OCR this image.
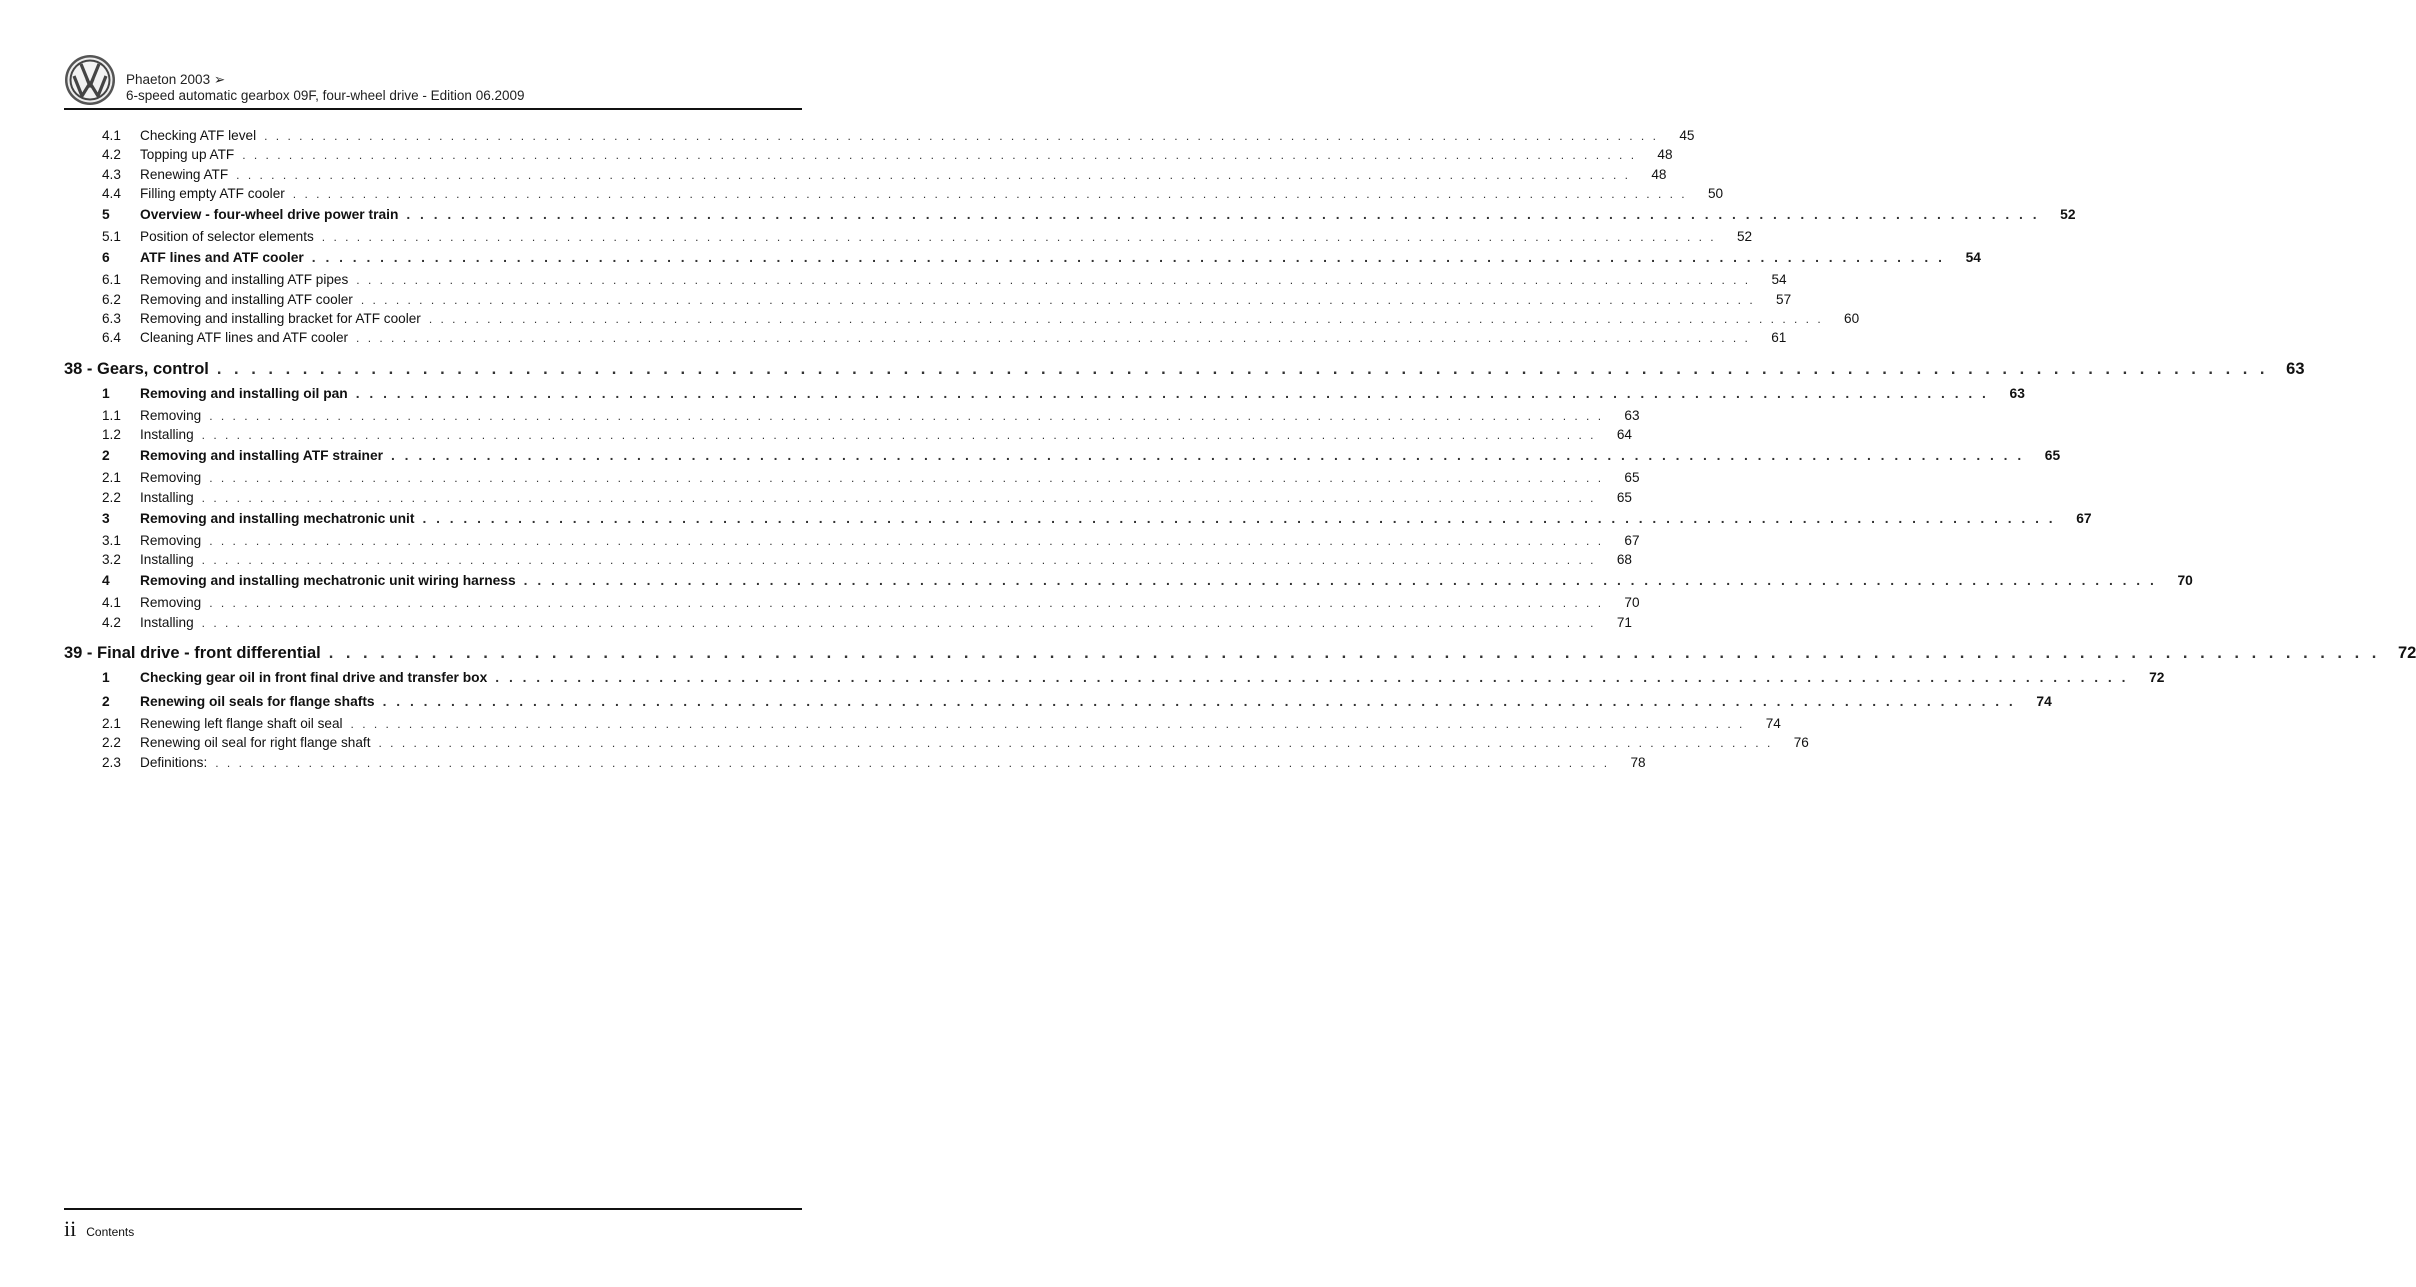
Phaeton 2003 ➢
6-speed automatic gearbox 09F, four-wheel drive - Edition 06.2009
4.1	Checking ATF level . . . . . . . . . . . . . . . . . . . . . . . . . . . . . . . . . . . . . . . . . . . . . . . . . . . . . . . . . . . . . . . . . . . . . . . . . . . . . . . . . . . . . . . . . . . . . . . . . . . . . . . . . . . . . . . . . . . . . . . .	45
4.2	Topping up ATF . . . . . . . . . . . . . . . . . . . . . . . . . . . . . . . . . . . . . . . . . . . . . . . . . . . . . . . . . . . . . . . . . . . . . . . . . . . . . . . . . . . . . . . . . . . . . . . . . . . . . . . . . . . . . . . . . . . . . . . .	48
4.3	Renewing ATF . . . . . . . . . . . . . . . . . . . . . . . . . . . . . . . . . . . . . . . . . . . . . . . . . . . . . . . . . . . . . . . . . . . . . . . . . . . . . . . . . . . . . . . . . . . . . . . . . . . . . . . . . . . . . . . . . . . . . . . .	48
4.4	Filling empty ATF cooler . . . . . . . . . . . . . . . . . . . . . . . . . . . . . . . . . . . . . . . . . . . . . . . . . . . . . . . . . . . . . . . . . . . . . . . . . . . . . . . . . . . . . . . . . . . . . . . . . . . . . . . . . . . . . . . . . . . . . . . .	50
5	Overview - four-wheel drive power train . . . . . . . . . . . . . . . . . . . . . . . . . . . . . . . . . . . . . . . . . . . . . . . . . . . . . . . . . . . . . . . . . . . . . . . . . . . . . . . . . . . . . . . . . . . . . . . . . . . . . . . . . . . . . . . . . . . . . . . .	52
5.1	Position of selector elements . . . . . . . . . . . . . . . . . . . . . . . . . . . . . . . . . . . . . . . . . . . . . . . . . . . . . . . . . . . . . . . . . . . . . . . . . . . . . . . . . . . . . . . . . . . . . . . . . . . . . . . . . . . . . . . . . . . . . . . .	52
6	ATF lines and ATF cooler . . . . . . . . . . . . . . . . . . . . . . . . . . . . . . . . . . . . . . . . . . . . . . . . . . . . . . . . . . . . . . . . . . . . . . . . . . . . . . . . . . . . . . . . . . . . . . . . . . . . . . . . . . . . . . . . . . . . . . . .	54
6.1	Removing and installing ATF pipes . . . . . . . . . . . . . . . . . . . . . . . . . . . . . . . . . . . . . . . . . . . . . . . . . . . . . . . . . . . . . . . . . . . . . . . . . . . . . . . . . . . . . . . . . . . . . . . . . . . . . . . . . . . . . . . . . . . . . . . .	54
6.2	Removing and installing ATF cooler . . . . . . . . . . . . . . . . . . . . . . . . . . . . . . . . . . . . . . . . . . . . . . . . . . . . . . . . . . . . . . . . . . . . . . . . . . . . . . . . . . . . . . . . . . . . . . . . . . . . . . . . . . . . . . . . . . . . . . . .	57
6.3	Removing and installing bracket for ATF cooler . . . . . . . . . . . . . . . . . . . . . . . . . . . . . . . . . . . . . . . . . . . . . . . . . . . . . . . . . . . . . . . . . . . . . . . . . . . . . . . . . . . . . . . . . . . . . . . . . . . . . . . . . . . . . . . . . . . . . . . .	60
6.4	Cleaning ATF lines and ATF cooler . . . . . . . . . . . . . . . . . . . . . . . . . . . . . . . . . . . . . . . . . . . . . . . . . . . . . . . . . . . . . . . . . . . . . . . . . . . . . . . . . . . . . . . . . . . . . . . . . . . . . . . . . . . . . . . . . . . . . . . .	61
38 - Gears, control . . . . . . . . . . . . . . . . . . . . . . . . . . . . . . . . . . . . . . . . . . . . . . . . . . . . . . . . . . . . . . . . . . . . . . . . . . . . . . . . . . . . . . . . . . . . . . . . . . . . . . . . . . . . . . . . . . . . . . . .	63
1	Removing and installing oil pan . . . . . . . . . . . . . . . . . . . . . . . . . . . . . . . . . . . . . . . . . . . . . . . . . . . . . . . . . . . . . . . . . . . . . . . . . . . . . . . . . . . . . . . . . . . . . . . . . . . . . . . . . . . . . . . . . . . . . . . .	63
1.1	Removing . . . . . . . . . . . . . . . . . . . . . . . . . . . . . . . . . . . . . . . . . . . . . . . . . . . . . . . . . . . . . . . . . . . . . . . . . . . . . . . . . . . . . . . . . . . . . . . . . . . . . . . . . . . . . . . . . . . . . . . .	63
1.2	Installing . . . . . . . . . . . . . . . . . . . . . . . . . . . . . . . . . . . . . . . . . . . . . . . . . . . . . . . . . . . . . . . . . . . . . . . . . . . . . . . . . . . . . . . . . . . . . . . . . . . . . . . . . . . . . . . . . . . . . . . .	64
2	Removing and installing ATF strainer . . . . . . . . . . . . . . . . . . . . . . . . . . . . . . . . . . . . . . . . . . . . . . . . . . . . . . . . . . . . . . . . . . . . . . . . . . . . . . . . . . . . . . . . . . . . . . . . . . . . . . . . . . . . . . . . . . . . . . . .	65
2.1	Removing . . . . . . . . . . . . . . . . . . . . . . . . . . . . . . . . . . . . . . . . . . . . . . . . . . . . . . . . . . . . . . . . . . . . . . . . . . . . . . . . . . . . . . . . . . . . . . . . . . . . . . . . . . . . . . . . . . . . . . . .	65
2.2	Installing . . . . . . . . . . . . . . . . . . . . . . . . . . . . . . . . . . . . . . . . . . . . . . . . . . . . . . . . . . . . . . . . . . . . . . . . . . . . . . . . . . . . . . . . . . . . . . . . . . . . . . . . . . . . . . . . . . . . . . . .	65
3	Removing and installing mechatronic unit . . . . . . . . . . . . . . . . . . . . . . . . . . . . . . . . . . . . . . . . . . . . . . . . . . . . . . . . . . . . . . . . . . . . . . . . . . . . . . . . . . . . . . . . . . . . . . . . . . . . . . . . . . . . . . . . . . . . . . . .	67
3.1	Removing . . . . . . . . . . . . . . . . . . . . . . . . . . . . . . . . . . . . . . . . . . . . . . . . . . . . . . . . . . . . . . . . . . . . . . . . . . . . . . . . . . . . . . . . . . . . . . . . . . . . . . . . . . . . . . . . . . . . . . . .	67
3.2	Installing . . . . . . . . . . . . . . . . . . . . . . . . . . . . . . . . . . . . . . . . . . . . . . . . . . . . . . . . . . . . . . . . . . . . . . . . . . . . . . . . . . . . . . . . . . . . . . . . . . . . . . . . . . . . . . . . . . . . . . . .	68
4	Removing and installing mechatronic unit wiring harness . . . . . . . . . . . . . . . . . . . . . . . . . . . . . . . . . . . . . . . . . . . . . . . . . . . . . . . . . . . . . . . . . . . . . . . . . . . . . . . . . . . . . . . . . . . . . . . . . . . . . . . . . . . . . . . . . . . . . . . .	70
4.1	Removing . . . . . . . . . . . . . . . . . . . . . . . . . . . . . . . . . . . . . . . . . . . . . . . . . . . . . . . . . . . . . . . . . . . . . . . . . . . . . . . . . . . . . . . . . . . . . . . . . . . . . . . . . . . . . . . . . . . . . . . .	70
4.2	Installing . . . . . . . . . . . . . . . . . . . . . . . . . . . . . . . . . . . . . . . . . . . . . . . . . . . . . . . . . . . . . . . . . . . . . . . . . . . . . . . . . . . . . . . . . . . . . . . . . . . . . . . . . . . . . . . . . . . . . . . .	71
39 - Final drive - front differential . . . . . . . . . . . . . . . . . . . . . . . . . . . . . . . . . . . . . . . . . . . . . . . . . . . . . . . . . . . . . . . . . . . . . . . . . . . . . . . . . . . . . . . . . . . . . . . . . . . . . . . . . . . . . . . . . . . . . . . .	72
1	Checking gear oil in front final drive and transfer box . . . . . . . . . . . . . . . . . . . . . . . . . . . . . . . . . . . . . . . . . . . . . . . . . . . . . . . . . . . . . . . . . . . . . . . . . . . . . . . . . . . . . . . . . . . . . . . . . . . . . . . . . . . . . . . . . . . . . . . .	72
2	Renewing oil seals for flange shafts . . . . . . . . . . . . . . . . . . . . . . . . . . . . . . . . . . . . . . . . . . . . . . . . . . . . . . . . . . . . . . . . . . . . . . . . . . . . . . . . . . . . . . . . . . . . . . . . . . . . . . . . . . . . . . . . . . . . . . . .	74
2.1	Renewing left flange shaft oil seal . . . . . . . . . . . . . . . . . . . . . . . . . . . . . . . . . . . . . . . . . . . . . . . . . . . . . . . . . . . . . . . . . . . . . . . . . . . . . . . . . . . . . . . . . . . . . . . . . . . . . . . . . . . . . . . . . . . . . . . .	74
2.2	Renewing oil seal for right flange shaft . . . . . . . . . . . . . . . . . . . . . . . . . . . . . . . . . . . . . . . . . . . . . . . . . . . . . . . . . . . . . . . . . . . . . . . . . . . . . . . . . . . . . . . . . . . . . . . . . . . . . . . . . . . . . . . . . . . . . . . .	76
2.3	Definitions: . . . . . . . . . . . . . . . . . . . . . . . . . . . . . . . . . . . . . . . . . . . . . . . . . . . . . . . . . . . . . . . . . . . . . . . . . . . . . . . . . . . . . . . . . . . . . . . . . . . . . . . . . . . . . . . . . . . . . . . .	78
ii Contents
